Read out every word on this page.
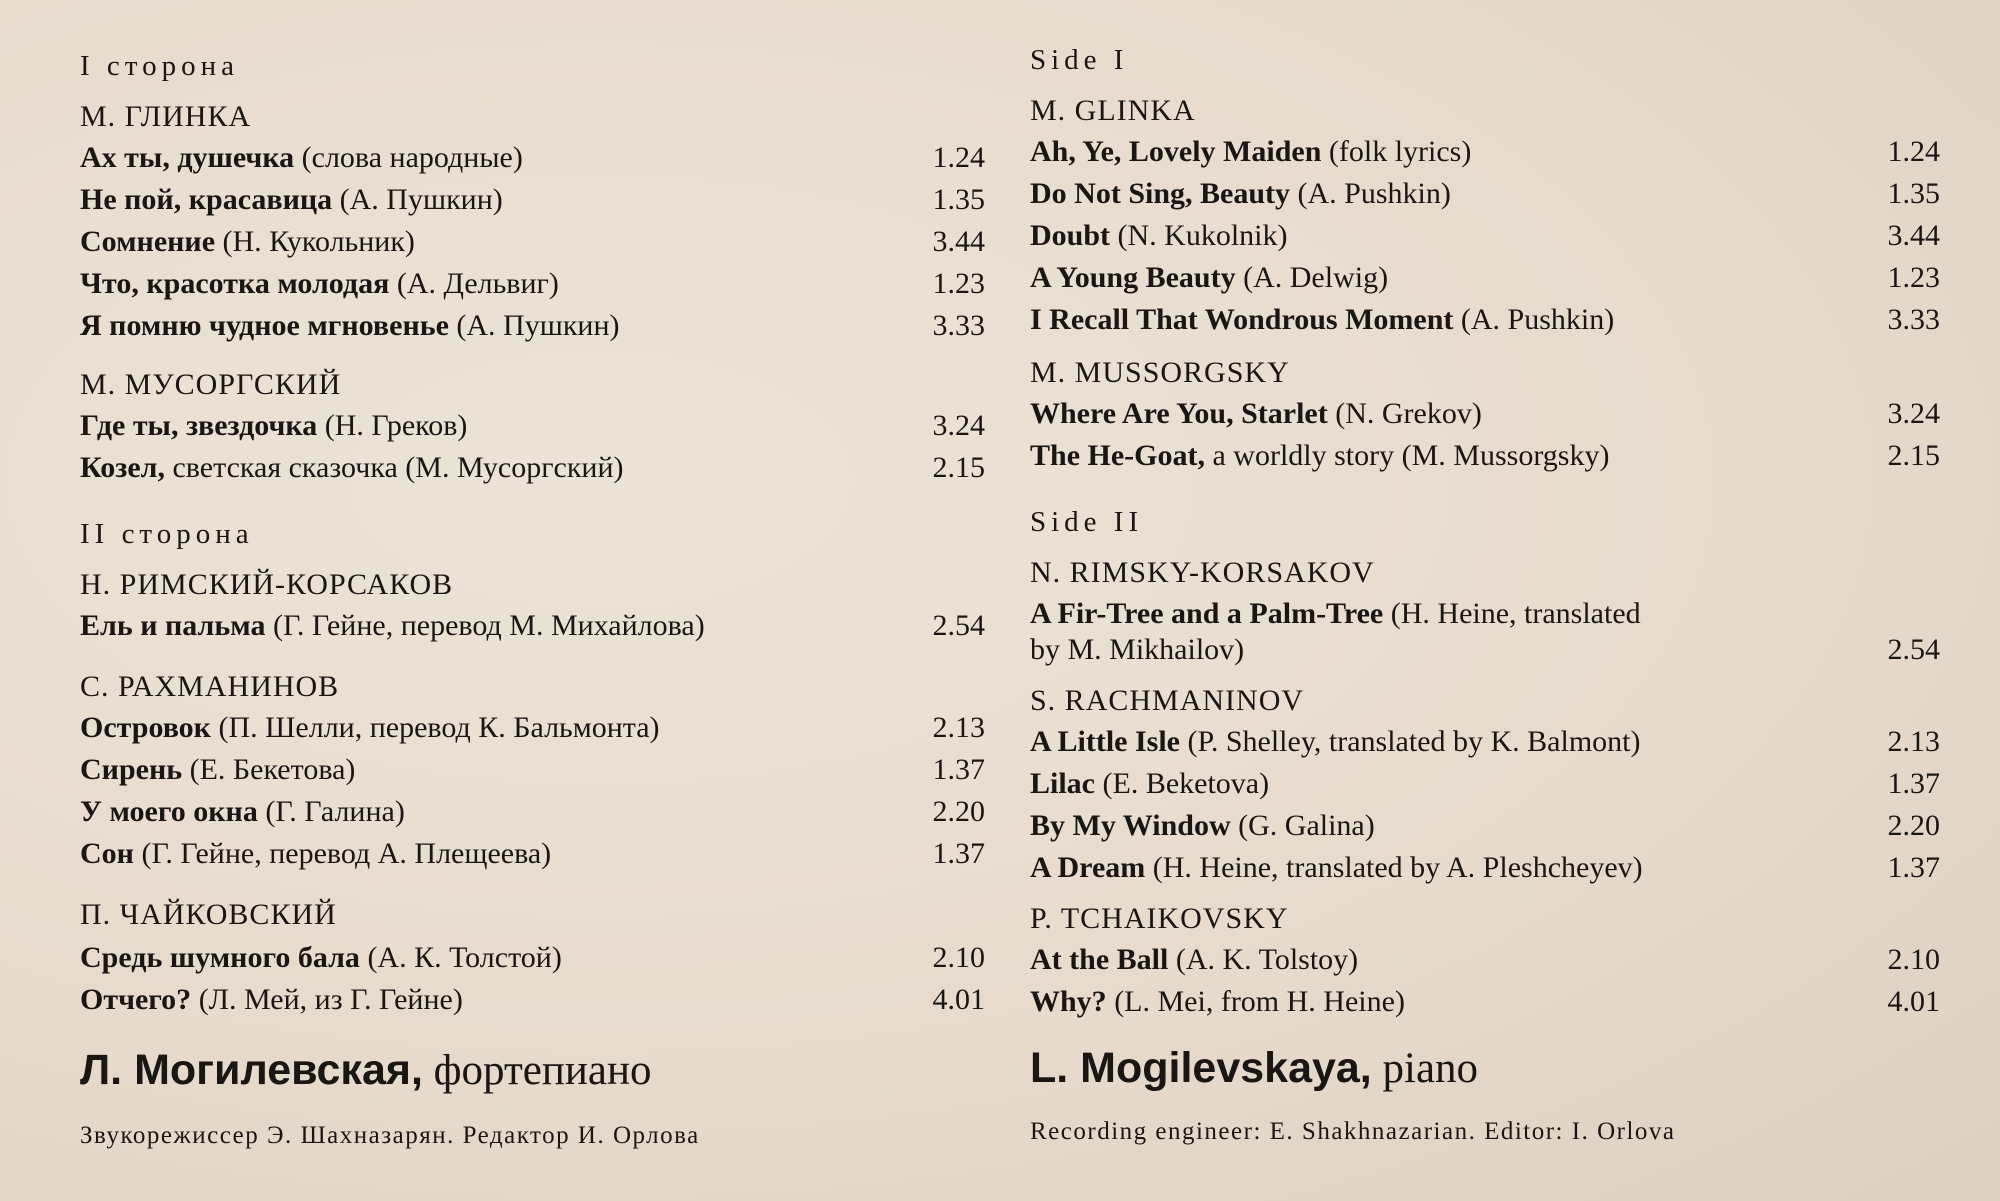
I сторона
М. ГЛИНКА
Ах ты, душечка (слова народные)	1.24
Не пой, красавица (А. Пушкин)	1.35
Сомнение (Н. Кукольник)	3.44
Что, красотка молодая (А. Дельвиг)	1.23
Я помню чудное мгновенье (А. Пушкин)	3.33
М. МУСОРГСКИЙ
Где ты, звездочка (Н. Греков)	3.24
Козел, светская сказочка (М. Мусоргский)	2.15
II сторона
Н. РИМСКИЙ-КОРСАКОВ
Ель и пальма (Г. Гейне, перевод М. Михайлова)	2.54
С. РАХМАНИНОВ
Островок (П. Шелли, перевод К. Бальмонта)	2.13
Сирень (Е. Бекетова)	1.37
У моего окна (Г. Галина)	2.20
Сон (Г. Гейне, перевод А. Плещеева)	1.37
П. ЧАЙКОВСКИЙ
Средь шумного бала (А. К. Толстой)	2.10
Отчего? (Л. Мей, из Г. Гейне)	4.01
Л. Могилевская, фортепиано
Звукорежиссер Э. Шахназарян. Редактор И. Орлова
Side I
M. GLINKA
Ah, Ye, Lovely Maiden (folk lyrics)	1.24
Do Not Sing, Beauty (A. Pushkin)	1.35
Doubt (N. Kukolnik)	3.44
A Young Beauty (A. Delwig)	1.23
I Recall That Wondrous Moment (A. Pushkin)	3.33
M. MUSSORGSKY
Where Are You, Starlet (N. Grekov)	3.24
The He-Goat, a worldly story (M. Mussorgsky)	2.15
Side II
N. RIMSKY-KORSAKOV
A Fir-Tree and a Palm-Tree (H. Heine, translated
by M. Mikhailov)	2.54
S. RACHMANINOV
A Little Isle (P. Shelley, translated by K. Balmont)	2.13
Lilac (E. Beketova)	1.37
By My Window (G. Galina)	2.20
A Dream (H. Heine, translated by A. Pleshcheyev)	1.37
P. TCHAIKOVSKY
At the Ball (A. K. Tolstoy)	2.10
Why? (L. Mei, from H. Heine)	4.01
L. Mogilevskaya, piano
Recording engineer: E. Shakhnazarian. Editor: I. Orlova
